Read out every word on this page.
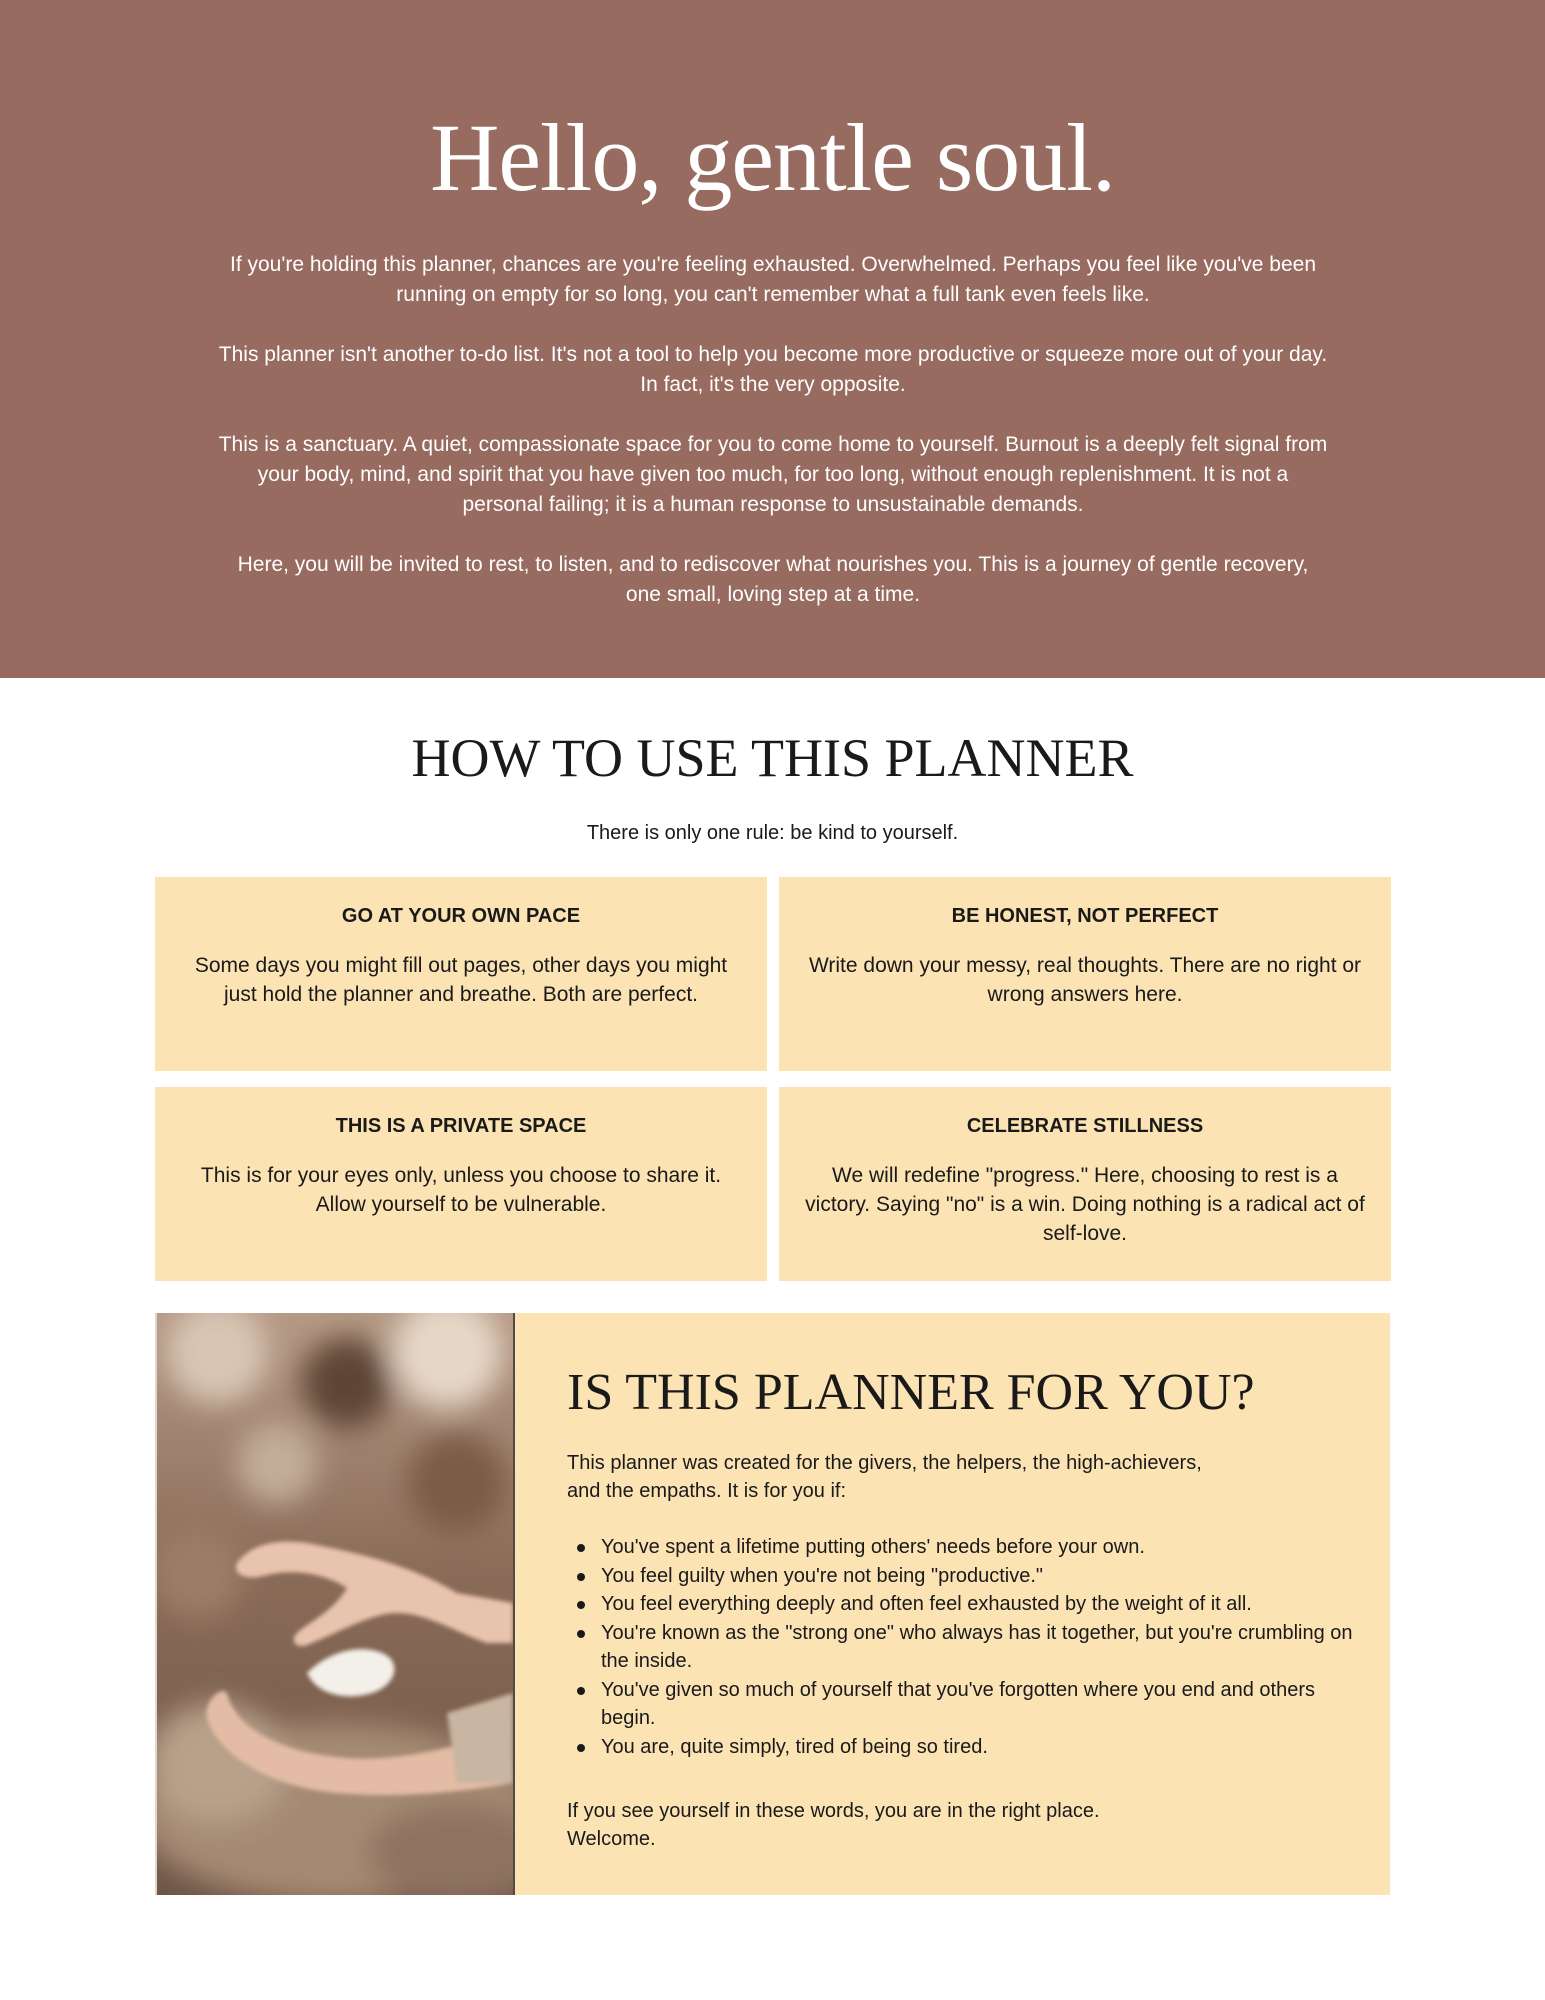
Hello, gentle soul.

If you're holding this planner, chances are you're feeling exhausted. Overwhelmed. Perhaps you feel like you've been running on empty for so long, you can't remember what a full tank even feels like.

This planner isn't another to-do list. It's not a tool to help you become more productive or squeeze more out of your day. In fact, it's the very opposite.

This is a sanctuary. A quiet, compassionate space for you to come home to yourself. Burnout is a deeply felt signal from your body, mind, and spirit that you have given too much, for too long, without enough replenishment. It is not a personal failing; it is a human response to unsustainable demands.

Here, you will be invited to rest, to listen, and to rediscover what nourishes you. This is a journey of gentle recovery, one small, loving step at a time.

HOW TO USE THIS PLANNER

There is only one rule: be kind to yourself.

GO AT YOUR OWN PACE
Some days you might fill out pages, other days you might just hold the planner and breathe. Both are perfect.
BE HONEST, NOT PERFECT
Write down your messy, real thoughts. There are no right or wrong answers here.
THIS IS A PRIVATE SPACE
This is for your eyes only, unless you choose to share it. Allow yourself to be vulnerable.
CELEBRATE STILLNESS
We will redefine "progress." Here, choosing to rest is a victory. Saying "no" is a win. Doing nothing is a radical act of self-love.
IS THIS PLANNER FOR YOU?

This planner was created for the givers, the helpers, the high-achievers, and the empaths. It is for you if:

You've spent a lifetime putting others' needs before your own.
You feel guilty when you're not being "productive."
You feel everything deeply and often feel exhausted by the weight of it all.
You're known as the "strong one" who always has it together, but you're crumbling on the inside.
You've given so much of yourself that you've forgotten where you end and others begin.
You are, quite simply, tired of being so tired.

If you see yourself in these words, you are in the right place.

Welcome.
